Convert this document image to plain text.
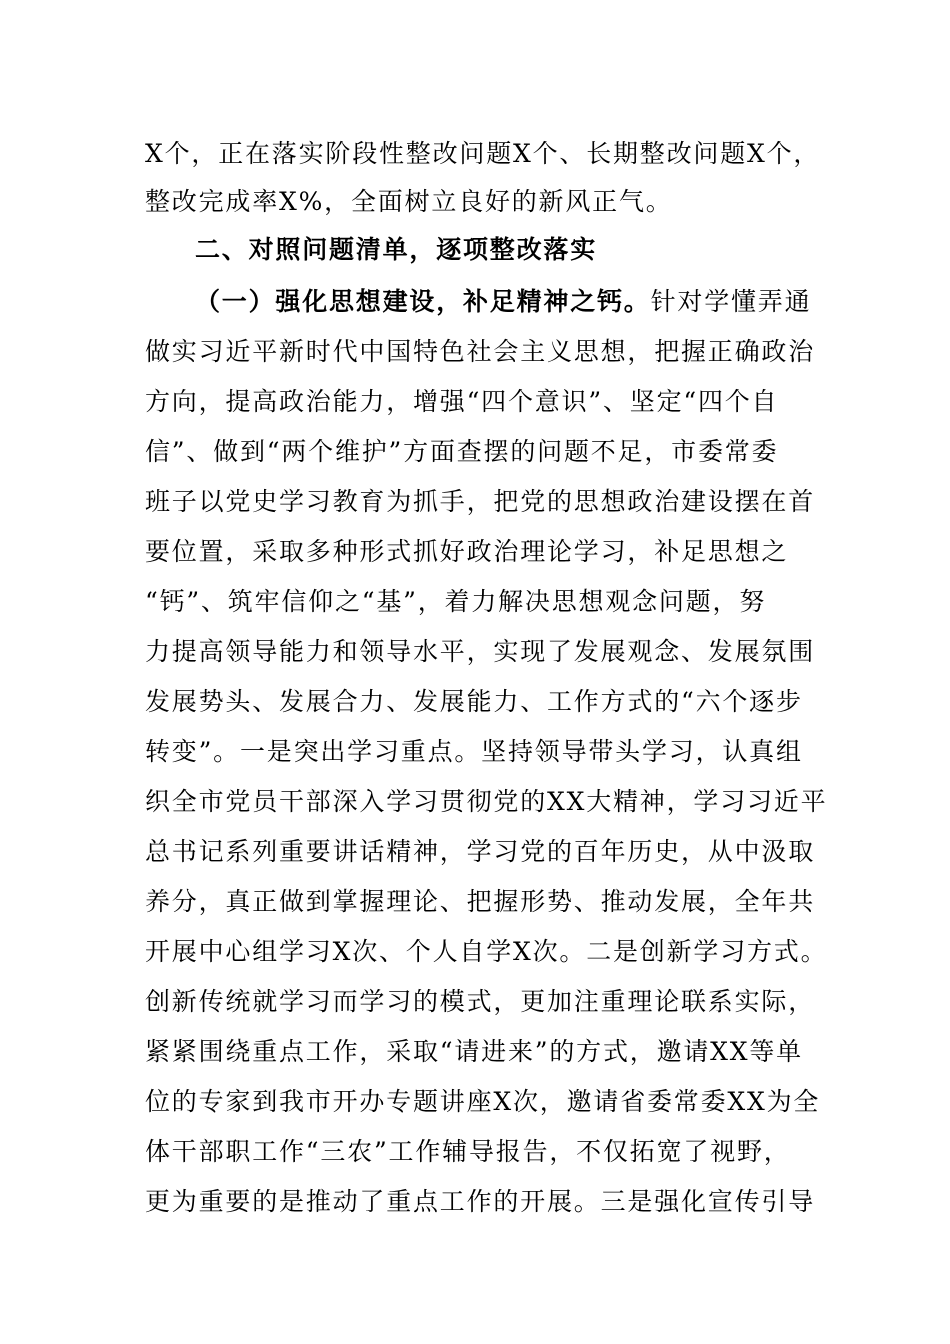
X个，正在落实阶段性整改问题X个、长期整改问题X个，
整改完成率X%，全面树立良好的新风正气。
二、对照问题清单，逐项整改落实
（一）强化思想建设，补足精神之钙。针对学懂弄通
做实习近平新时代中国特色社会主义思想，把握正确政治
方向，提高政治能力，增强“四个意识”、坚定“四个自
信”、做到“两个维护”方面查摆的问题不足，市委常委
班子以党史学习教育为抓手，把党的思想政治建设摆在首
要位置，采取多种形式抓好政治理论学习，补足思想之
“钙”、筑牢信仰之“基”，着力解决思想观念问题，努
力提高领导能力和领导水平，实现了发展观念、发展氛围
发展势头、发展合力、发展能力、工作方式的“六个逐步
转变”。一是突出学习重点。坚持领导带头学习，认真组
织全市党员干部深入学习贯彻党的XX大精神，学习习近平
总书记系列重要讲话精神，学习党的百年历史，从中汲取
养分，真正做到掌握理论、把握形势、推动发展，全年共
开展中心组学习X次、个人自学X次。二是创新学习方式。
创新传统就学习而学习的模式，更加注重理论联系实际，
紧紧围绕重点工作，采取“请进来”的方式，邀请XX等单
位的专家到我市开办专题讲座X次，邀请省委常委XX为全
体干部职工作“三农”工作辅导报告，不仅拓宽了视野，
更为重要的是推动了重点工作的开展。三是强化宣传引导
